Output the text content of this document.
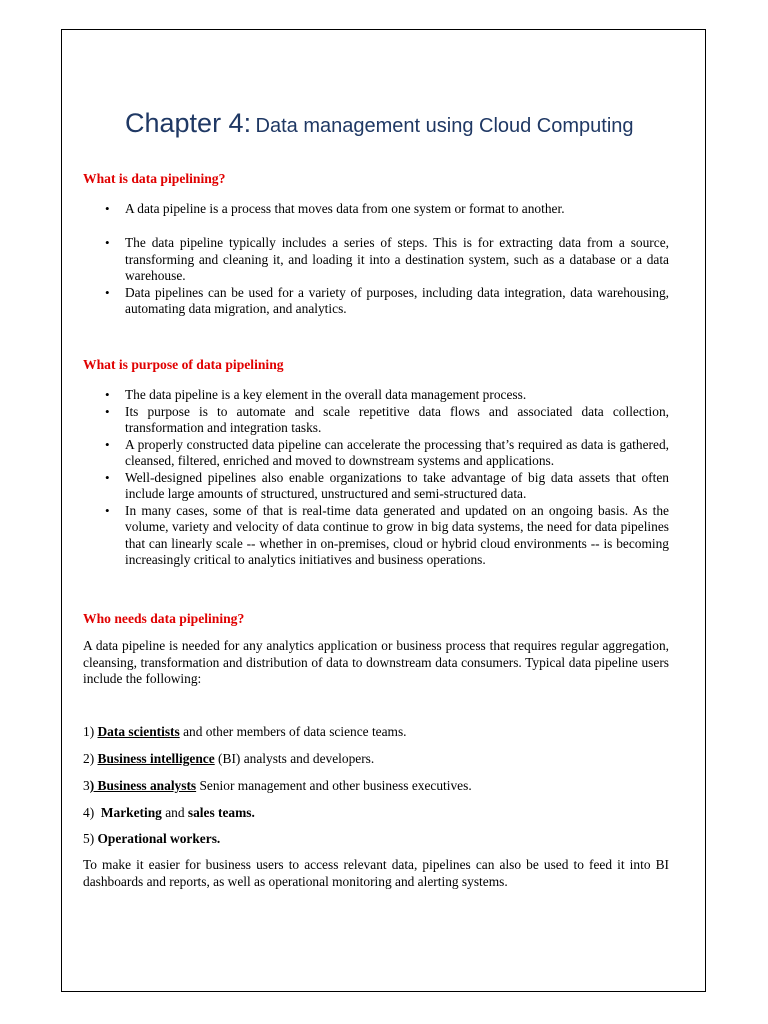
Chapter 4: Data management using Cloud Computing
What is data pipelining?
• A data pipeline is a process that moves data from one system or format to another.
• The data pipeline typically includes a series of steps. This is for extracting data from a source, transforming and cleaning it, and loading it into a destination system, such as a database or a data warehouse.
• Data pipelines can be used for a variety of purposes, including data integration, data warehousing, automating data migration, and analytics.
What is purpose of data pipelining
• The data pipeline is a key element in the overall data management process.
• Its purpose is to automate and scale repetitive data flows and associated data collection, transformation and integration tasks.
• A properly constructed data pipeline can accelerate the processing that’s required as data is gathered, cleansed, filtered, enriched and moved to downstream systems and applications.
• Well-designed pipelines also enable organizations to take advantage of big data assets that often include large amounts of structured, unstructured and semi-structured data.
• In many cases, some of that is real-time data generated and updated on an ongoing basis. As the volume, variety and velocity of data continue to grow in big data systems, the need for data pipelines that can linearly scale -- whether in on-premises, cloud or hybrid cloud environments -- is becoming increasingly critical to analytics initiatives and business operations.
Who needs data pipelining?

A data pipeline is needed for any analytics application or business process that requires regular aggregation, cleansing, transformation and distribution of data to downstream data consumers. Typical data pipeline users include the following:

1) Data scientists and other members of data science teams.

2) Business intelligence (BI) analysts and developers.

3) Business analysts Senior management and other business executives.

4)  Marketing and sales teams.

5) Operational workers.

To make it easier for business users to access relevant data, pipelines can also be used to feed it into BI dashboards and reports, as well as operational monitoring and alerting systems.
